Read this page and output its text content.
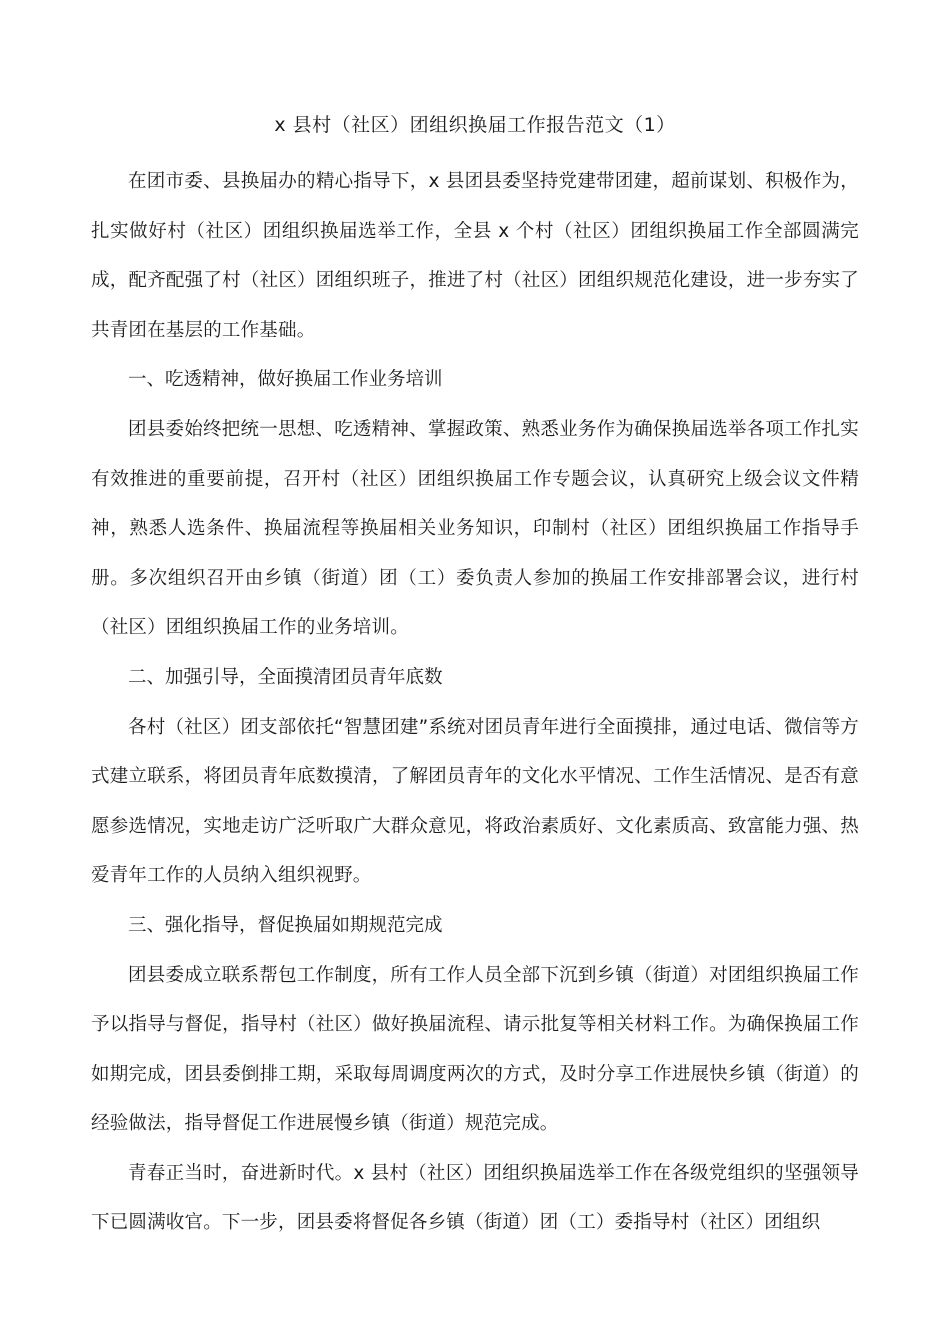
x 县村（社区）团组织换届工作报告范文（1）

在团市委、县换届办的精心指导下，x 县团县委坚持党建带团建，超前谋划、积极作为，扎实做好村（社区）团组织换届选举工作，全县 x 个村（社区）团组织换届工作全部圆满完成，配齐配强了村（社区）团组织班子，推进了村（社区）团组织规范化建设，进一步夯实了共青团在基层的工作基础。

一、吃透精神，做好换届工作业务培训

团县委始终把统一思想、吃透精神、掌握政策、熟悉业务作为确保换届选举各项工作扎实有效推进的重要前提，召开村（社区）团组织换届工作专题会议，认真研究上级会议文件精神，熟悉人选条件、换届流程等换届相关业务知识，印制村（社区）团组织换届工作指导手册。多次组织召开由乡镇（街道）团（工）委负责人参加的换届工作安排部署会议，进行村（社区）团组织换届工作的业务培训。

二、加强引导，全面摸清团员青年底数

各村（社区）团支部依托“智慧团建”系统对团员青年进行全面摸排，通过电话、微信等方式建立联系，将团员青年底数摸清，了解团员青年的文化水平情况、工作生活情况、是否有意愿参选情况，实地走访广泛听取广大群众意见，将政治素质好、文化素质高、致富能力强、热爱青年工作的人员纳入组织视野。

三、强化指导，督促换届如期规范完成

团县委成立联系帮包工作制度，所有工作人员全部下沉到乡镇（街道）对团组织换届工作予以指导与督促，指导村（社区）做好换届流程、请示批复等相关材料工作。为确保换届工作如期完成，团县委倒排工期，采取每周调度两次的方式，及时分享工作进展快乡镇（街道）的经验做法，指导督促工作进展慢乡镇（街道）规范完成。

青春正当时，奋进新时代。x 县村（社区）团组织换届选举工作在各级党组织的坚强领导下已圆满收官。下一步，团县委将督促各乡镇（街道）团（工）委指导村（社区）团组织
